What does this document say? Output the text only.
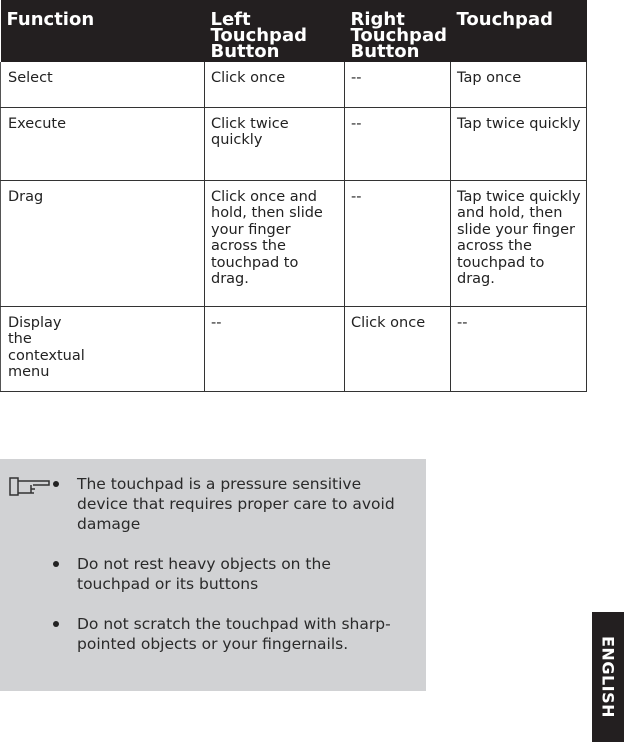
Function	Left Touchpad Button	Right Touchpad Button	Touchpad
Select	Click once	--	Tap once
Execute	Click twice quickly	--	Tap twice quickly
Drag	Click once and hold, then slide your finger across the touchpad to drag.	--	Tap twice quickly and hold, then slide your finger across the touchpad to drag.

Display the contextual menu	--	Click once	--
The touchpad is a pressure sensitive device that requires proper care to avoid damage
Do not rest heavy objects on the touchpad or its buttons
Do not scratch the touchpad with sharp-pointed objects or your fingernails.	ENGLISH
